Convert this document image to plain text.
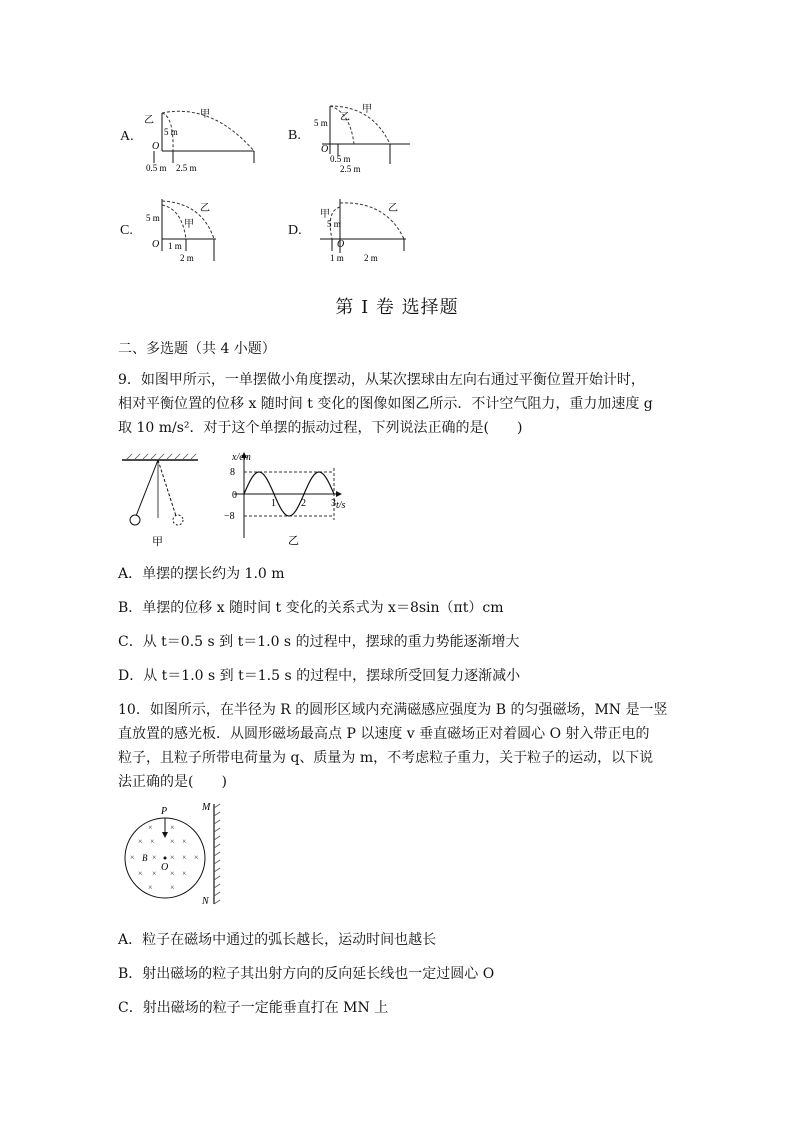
A.
甲
乙
5 m
O
0.5 m 2.5 m
B.
甲
乙
5 m
O
0.5 m
2.5 m
C.
乙
甲
5 m
O 1 m
2 m
D.
乙
甲
5 m
O
1 m 2 m
第 I 卷 选择题
二、多选题（共 4 小题）
9．如图甲所示，一单摆做小角度摆动，从某次摆球由左向右通过平衡位置开始计时，
相对平衡位置的位移 x 随时间 t 变化的图像如图乙所示．不计空气阻力，重力加速度 g
取 10 m/s²．对于这个单摆的振动过程，下列说法正确的是(　　)
甲
x/cm
t/s
8
0
−8
1	2	3
乙
A．单摆的摆长约为 1.0 m
B．单摆的位移 x 随时间 t 变化的关系式为 x＝8sin（πt）cm
C．从 t＝0.5 s 到 t＝1.0 s 的过程中，摆球的重力势能逐渐增大
D．从 t＝1.0 s 到 t＝1.5 s 的过程中，摆球所受回复力逐渐减小
10．如图所示，在半径为 R 的圆形区域内充满磁感应强度为 B 的匀强磁场，MN 是一竖
直放置的感光板．从圆形磁场最高点 P 以速度 v 垂直磁场正对着圆心 O 射入带正电的
粒子，且粒子所带电荷量为 q、质量为 m，不考虑粒子重力，关于粒子的运动，以下说
法正确的是(　　)
P
× ×
× × × ×
× × × × ×
× × × ×
× ×
B
O
M
N
A．粒子在磁场中通过的弧长越长，运动时间也越长
B．射出磁场的粒子其出射方向的反向延长线也一定过圆心 O
C．射出磁场的粒子一定能垂直打在 MN 上
